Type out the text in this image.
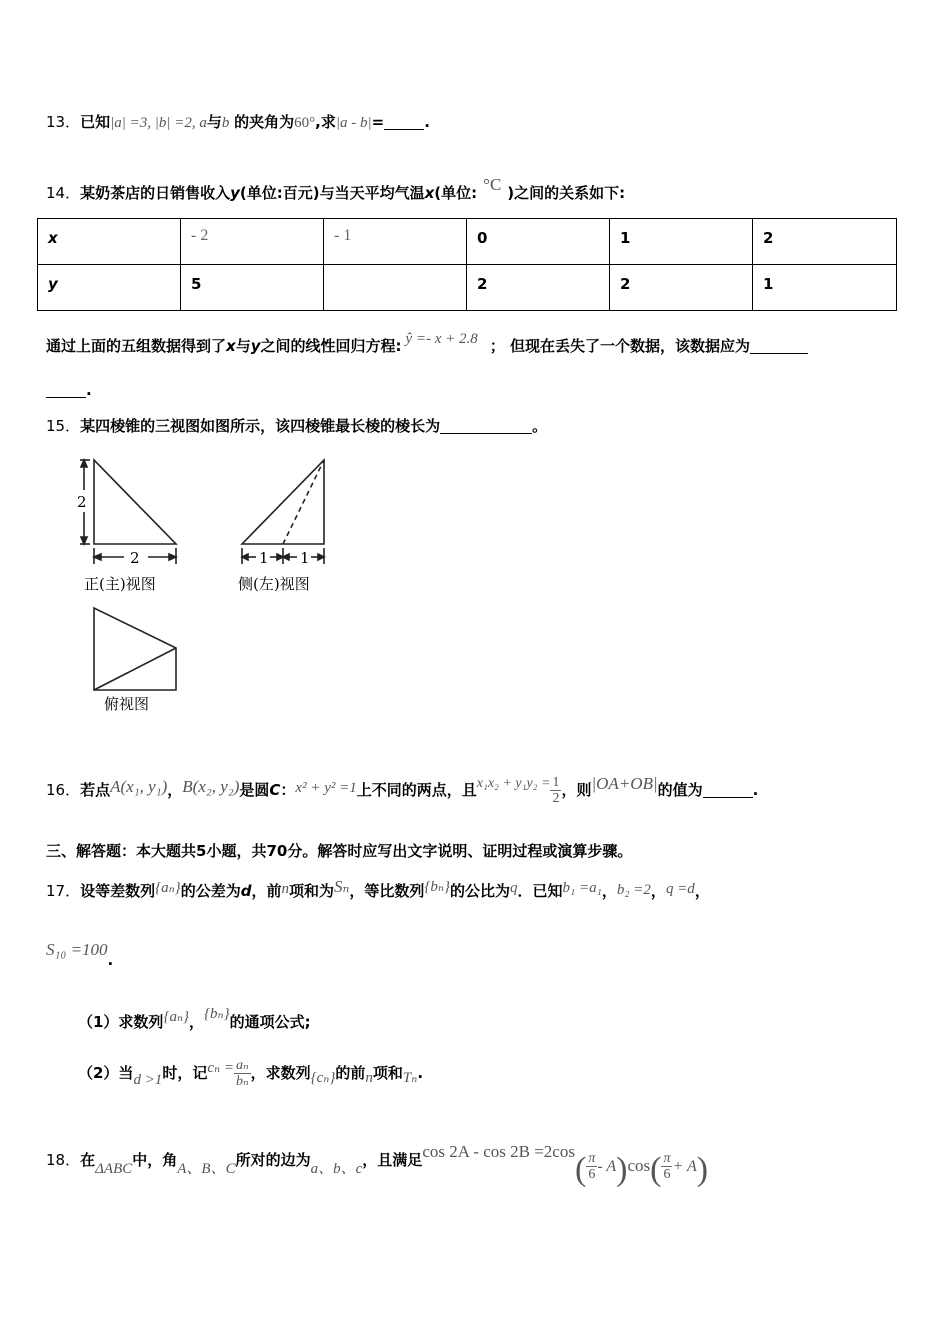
13．已知|a| =3, |b| =2, a与b 的夹角为60°,求|a - b|=	.
14．某奶茶店的日销售收入y(单位:百元)与当天平均气温x(单位: °C )之间的关系如下:
x	- 2	- 1	0	1	2
y	5		2	2	1
通过上面的五组数据得到了x与y之间的线性回归方程: ŷ =- x + 2.8 ； 但现在丢失了一个数据，该数据应为
.
15．某四棱锥的三视图如图所示，该四棱锥最长棱的棱长为	。
2
2	1 1
正(主)视图	侧(左)视图
俯视图
16．若点A(x₁, y₁)，B(x₂, y₂)是圆C：x² + y² =1上不同的两点，且$x_1x_2 + y_1y_2 = \frac{1}{2}$ ，则|OA+OB|的值为	.
三、解答题：本大题共5小题，共70分。解答时应写出文字说明、证明过程或演算步骤。
17．设等差数列{aₙ}的公差为d，前n项和为Sₙ，等比数列{bₙ}的公比为q．已知b₁ =a₁，b₂ =2，q =d，
S₁₀ =100.
（1）求数列{aₙ}，{bₙ}的通项公式;
（2）当d >1时，记$c_n = \frac{\text{aₙ}}{\text{bₙ}}$ ，求数列{cₙ}的前n项和Tₙ.
18．在ΔABC中，角A、B、C所对的边为a、b、c，且满足$\cos 2A - \cos 2B =2\cos( \frac{\pi}{6} - A)\cos( \frac{\pi}{6} + A)$
